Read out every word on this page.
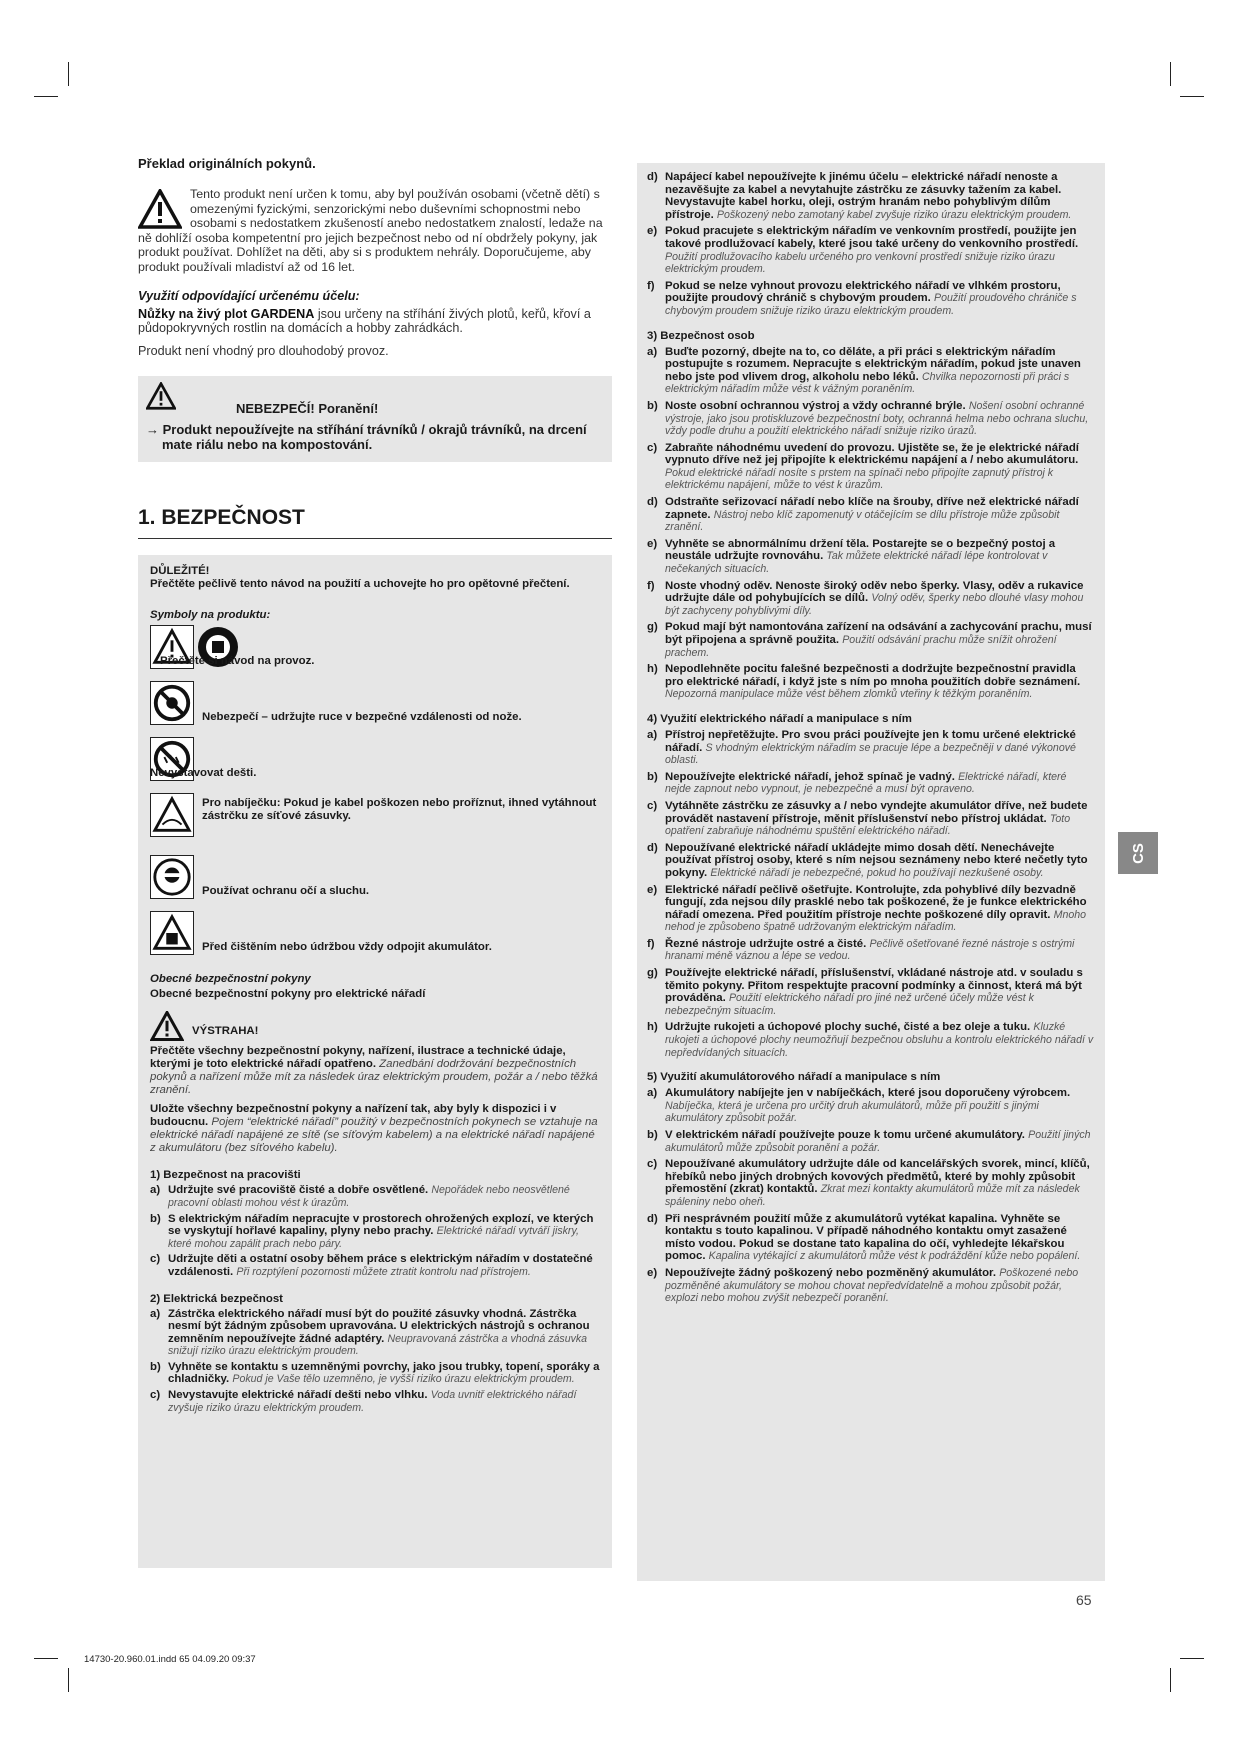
Překlad originálních pokynů.

Tento produkt není určen k tomu, aby byl používán osobami (včetně dětí) s omezenými fyzickými, senzorickými nebo duševními schopnostmi nebo osobami s nedostatkem zkušeností anebo nedostatkem znalostí, ledaže na ně dohlíží osoba kompetentní pro jejich bezpečnost nebo od ní obdržely pokyny, jak produkt používat. Dohlížet na děti, aby si s produktem nehrály. Doporučujeme, aby produkt používali mladiství až od 16 let.

Využití odpovídající určenému účelu:

Nůžky na živý plot GARDENA jsou určeny na stříhání živých plotů, keřů, křoví a půdopokryvných rostlin na domácích a hobby zahrádkách.

Produkt není vhodný pro dlouhodobý provoz.

NEBEZPEČÍ! Poranění!
→ Produkt nepoužívejte na stříhání trávníků / okrajů trávníků, na drcení mate riálu nebo na kompostování.
1. BEZPEČNOST
DŮLEŽITÉ!
Přečtěte pečlivě tento návod na použití a uchovejte ho pro opětovné přečtení.
Symboly na produktu:
Přečtěte si návod na provoz.
Nebezpečí – udržujte ruce v bezpečné vzdálenosti od nože.
Nevystavovat dešti.
Pro nabíječku: Pokud je kabel poškozen nebo proříznut, ihned vytáhnout zástrčku ze síťové zásuvky.
Používat ochranu očí a sluchu.
Před čištěním nebo údržbou vždy odpojit akumulátor.
Obecné bezpečnostní pokyny
Obecné bezpečnostní pokyny pro elektrické nářadí
VÝSTRAHA!

Přečtěte všechny bezpečnostní pokyny, nařízení, ilustrace a technické údaje, kterými je toto elektrické nářadí opatřeno. Zanedbání dodržování bezpečnostních pokynů a nařízení může mít za následek úraz elektrickým proudem, požár a / nebo těžká zranění.

Uložte všechny bezpečnostní pokyny a nařízení tak, aby byly k dispozici i v budoucnu. Pojem “elektrické nářadí” použitý v bezpečnostních pokynech se vztahuje na elektrické nářadí napájené ze sítě (se síťovým kabelem) a na elektrické nářadí napájené z akumulátoru (bez síťového kabelu).

1) Bezpečnost na pracovišti
a) Udržujte své pracoviště čisté a dobře osvětlené. Nepořádek nebo neosvětlené pracovní oblasti mohou vést k úrazům.
b) S elektrickým nářadím nepracujte v prostorech ohrožených explozí, ve kterých se vyskytují hořlavé kapaliny, plyny nebo prachy. Elektrické nářadí vytváří jiskry, které mohou zapálit prach nebo páry.
c) Udržujte děti a ostatní osoby během práce s elektrickým nářadím v dostatečné vzdálenosti. Při rozptýlení pozornosti můžete ztratit kontrolu nad přístrojem.
2) Elektrická bezpečnost
a) Zástrčka elektrického nářadí musí být do použité zásuvky vhodná. Zástrčka nesmí být žádným způsobem upravována. U elektrických nástrojů s ochranou zemněním nepoužívejte žádné adaptéry. Neupravovaná zástrčka a vhodná zásuvka snižují riziko úrazu elektrickým proudem.
b) Vyhněte se kontaktu s uzemněnými povrchy, jako jsou trubky, topení, sporáky a chladničky. Pokud je Vaše tělo uzemněno, je vyšší riziko úrazu elektrickým proudem.
c) Nevystavujte elektrické nářadí dešti nebo vlhku. Voda uvnitř elektrického nářadí zvyšuje riziko úrazu elektrickým proudem.
d) Napájecí kabel nepoužívejte k jinému účelu – elektrické nářadí nenoste a nezavěšujte za kabel a nevytahujte zástrčku ze zásuvky tažením za kabel. Nevystavujte kabel horku, oleji, ostrým hranám nebo pohyblivým dílům přístroje. Poškozený nebo zamotaný kabel zvyšuje riziko úrazu elektrickým proudem.
e) Pokud pracujete s elektrickým nářadím ve venkovním prostředí, použijte jen takové prodlužovací kabely, které jsou také určeny do venkovního prostředí. Použití prodlužovacího kabelu určeného pro venkovní prostředí snižuje riziko úrazu elektrickým proudem.
f) Pokud se nelze vyhnout provozu elektrického nářadí ve vlhkém prostoru, použijte proudový chránič s chybovým proudem. Použití proudového chrániče s chybovým proudem snižuje riziko úrazu elektrickým proudem.
3) Bezpečnost osob
a) Buďte pozorný, dbejte na to, co děláte, a při práci s elektrickým nářadím postupujte s rozumem. Nepracujte s elektrickým nářadím, pokud jste unaven nebo jste pod vlivem drog, alkoholu nebo léků. Chvilka nepozornosti při práci s elektrickým nářadím může vést k vážným poraněním.
b) Noste osobní ochrannou výstroj a vždy ochranné brýle. Nošení osobní ochranné výstroje, jako jsou protiskluzové bezpečnostní boty, ochranná helma nebo ochrana sluchu, vždy podle druhu a použití elektrického nářadí snižuje riziko úrazů.
c) Zabraňte náhodnému uvedení do provozu. Ujistěte se, že je elektrické nářadí vypnuto dříve než jej připojíte k elektrickému napájení a / nebo akumulátoru. Pokud elektrické nářadí nosíte s prstem na spínači nebo připojíte zapnutý přístroj k elektrickému napájení, může to vést k úrazům.
d) Odstraňte seřizovací nářadí nebo klíče na šrouby, dříve než elektrické nářadí zapnete. Nástroj nebo klíč zapomenutý v otáčejícím se dílu přístroje může způsobit zranění.
e) Vyhněte se abnormálnímu držení těla. Postarejte se o bezpečný postoj a neustále udržujte rovnováhu. Tak můžete elektrické nářadí lépe kontrolovat v nečekaných situacích.
f) Noste vhodný oděv. Nenoste široký oděv nebo šperky. Vlasy, oděv a rukavice udržujte dále od pohybujících se dílů. Volný oděv, šperky nebo dlouhé vlasy mohou být zachyceny pohyblivými díly.
g) Pokud mají být namontována zařízení na odsávání a zachycování prachu, musí být připojena a správně použita. Použití odsávání prachu může snížit ohrožení prachem.
h) Nepodlehněte pocitu falešné bezpečnosti a dodržujte bezpečnostní pravidla pro elektrické nářadí, i když jste s ním po mnoha použitích dobře seznámení. Nepozorná manipulace může vést během zlomků vteřiny k těžkým poraněním.
4) Využití elektrického nářadí a manipulace s ním
a) Přístroj nepřetěžujte. Pro svou práci používejte jen k tomu určené elektrické nářadí. S vhodným elektrickým nářadím se pracuje lépe a bezpečněji v dané výkonové oblasti.
b) Nepoužívejte elektrické nářadí, jehož spínač je vadný. Elektrické nářadí, které nejde zapnout nebo vypnout, je nebezpečné a musí být opraveno.
c) Vytáhněte zástrčku ze zásuvky a / nebo vyndejte akumulátor dříve, než budete provádět nastavení přístroje, měnit příslušenství nebo přístroj ukládat. Toto opatření zabraňuje náhodnému spuštění elektrického nářadí.
d) Nepoužívané elektrické nářadí ukládejte mimo dosah dětí. Nenechávejte používat přístroj osoby, které s ním nejsou seznámeny nebo které nečetly tyto pokyny. Elektrické nářadí je nebezpečné, pokud ho používají nezkušené osoby.
e) Elektrické nářadí pečlivě ošetřujte. Kontrolujte, zda pohyblivé díly bezvadně fungují, zda nejsou díly prasklé nebo tak poškozené, že je funkce elektrického nářadí omezena. Před použitím přístroje nechte poškozené díly opravit. Mnoho nehod je způsobeno špatně udržovaným elektrickým nářadím.
f) Řezné nástroje udržujte ostré a čisté. Pečlivě ošetřované řezné nástroje s ostrými hranami méně váznou a lépe se vedou.
g) Používejte elektrické nářadí, příslušenství, vkládané nástroje atd. v souladu s těmito pokyny. Přitom respektujte pracovní podmínky a činnost, která má být prováděna. Použití elektrického nářadí pro jiné než určené účely může vést k nebezpečným situacím.
h) Udržujte rukojeti a úchopové plochy suché, čisté a bez oleje a tuku. Kluzké rukojeti a úchopové plochy neumožňují bezpečnou obsluhu a kontrolu elektrického nářadí v nepředvídaných situacích.
5) Využití akumulátorového nářadí a manipulace s ním
a) Akumulátory nabíjejte jen v nabíječkách, které jsou doporučeny výrobcem. Nabíječka, která je určena pro určitý druh akumulátorů, může při použití s jinými akumulátory způsobit požár.
b) V elektrickém nářadí používejte pouze k tomu určené akumulátory. Použití jiných akumulátorů může způsobit poranění a požár.
c) Nepoužívané akumulátory udržujte dále od kancelářských svorek, mincí, klíčů, hřebíků nebo jiných drobných kovových předmětů, které by mohly způsobit přemostění (zkrat) kontaktů. Zkrat mezi kontakty akumulátorů může mít za následek spáleniny nebo oheň.
d) Při nesprávném použití může z akumulátorů vytékat kapalina. Vyhněte se kontaktu s touto kapalinou. V případě náhodného kontaktu omyt zasažené místo vodou. Pokud se dostane tato kapalina do očí, vyhledejte lékařskou pomoc. Kapalina vytékající z akumulátorů může vést k podráždění kůže nebo popálení.
e) Nepoužívejte žádný poškozený nebo pozměněný akumulátor. Poškozené nebo pozměněné akumulátory se mohou chovat nepředvídatelně a mohou způsobit požár, explozi nebo mohou zvýšit nebezpečí poranění.
CS
65
14730-20.960.01.indd 65 04.09.20 09:37
